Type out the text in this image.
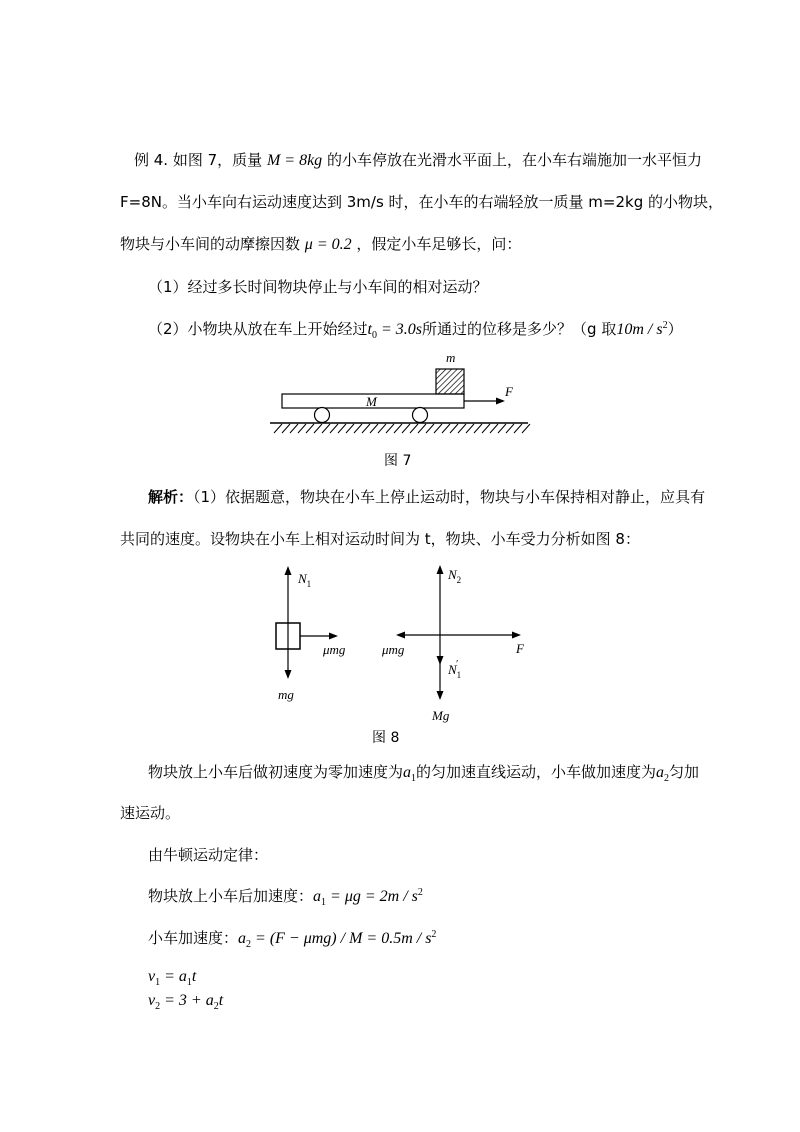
例 4. 如图 7，质量 M = 8kg 的小车停放在光滑水平面上，在小车右端施加一水平恒力
F=8N。当小车向右运动速度达到 3m/s 时，在小车的右端轻放一质量 m=2kg 的小物块，
物块与小车间的动摩擦因数 μ = 0.2 ，假定小车足够长，问：
（1）经过多长时间物块停止与小车间的相对运动？
（2）小物块从放在车上开始经过$t_0 = 3.0s$所通过的位移是多少？（g 取$10m / s^2$）
m
M
F
图 7
解析：（1）依据题意，物块在小车上停止运动时，物块与小车保持相对静止，应具有
共同的速度。设物块在小车上相对运动时间为 t，物块、小车受力分析如图 8：
$N_1$
μmg
mg
$N_2$
μmg	F
$N_1'$
Mg
图 8
物块放上小车后做初速度为零加速度为$a_1$的匀加速直线运动，小车做加速度为$a_2$匀加
速运动。
由牛顿运动定律：
物块放上小车后加速度：$a_1 = \mu g = 2m / s^2$
小车加速度：$a_2 = (F - \mu mg) / M = 0.5m / s^2$
$v_1 = a_1t$
$v_2 = 3 + a_2t$
